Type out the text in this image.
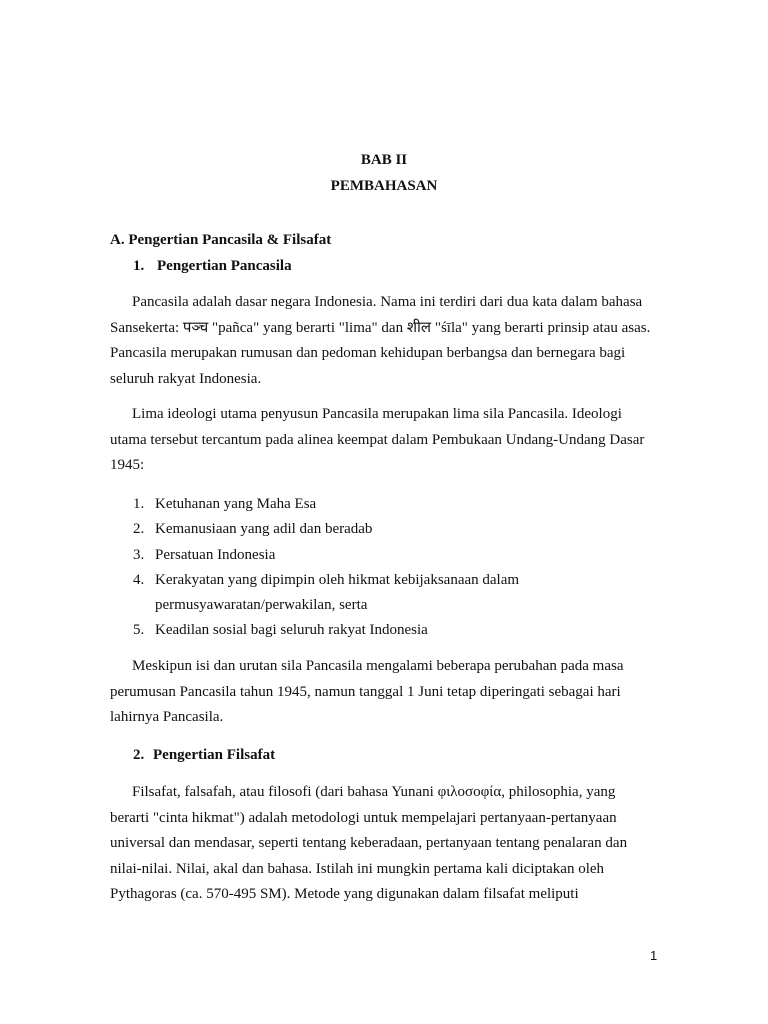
BAB II
PEMBAHASAN
A. Pengertian Pancasila & Filsafat
1. Pengertian Pancasila

Pancasila adalah dasar negara Indonesia. Nama ini terdiri dari dua kata dalam bahasa Sansekerta: पञ्च "pañca" yang berarti "lima" dan शील "śīla" yang berarti prinsip atau asas. Pancasila merupakan rumusan dan pedoman kehidupan berbangsa dan bernegara bagi seluruh rakyat Indonesia.

Lima ideologi utama penyusun Pancasila merupakan lima sila Pancasila. Ideologi utama tersebut tercantum pada alinea keempat dalam Pembukaan Undang-Undang Dasar 1945:

1. Ketuhanan yang Maha Esa
2. Kemanusiaan yang adil dan beradab
3. Persatuan Indonesia
4. Kerakyatan yang dipimpin oleh hikmat kebijaksanaan dalam permusyawaratan/perwakilan, serta
5. Keadilan sosial bagi seluruh rakyat Indonesia

Meskipun isi dan urutan sila Pancasila mengalami beberapa perubahan pada masa perumusan Pancasila tahun 1945, namun tanggal 1 Juni tetap diperingati sebagai hari lahirnya Pancasila.

2. Pengertian Filsafat

Filsafat, falsafah, atau filosofi (dari bahasa Yunani φιλοσοφία, philosophia, yang berarti "cinta hikmat") adalah metodologi untuk mempelajari pertanyaan-pertanyaan universal dan mendasar, seperti tentang keberadaan, pertanyaan tentang penalaran dan nilai-nilai. Nilai, akal dan bahasa. Istilah ini mungkin pertama kali diciptakan oleh Pythagoras (ca. 570-495 SM). Metode yang digunakan dalam filsafat meliputi

1
